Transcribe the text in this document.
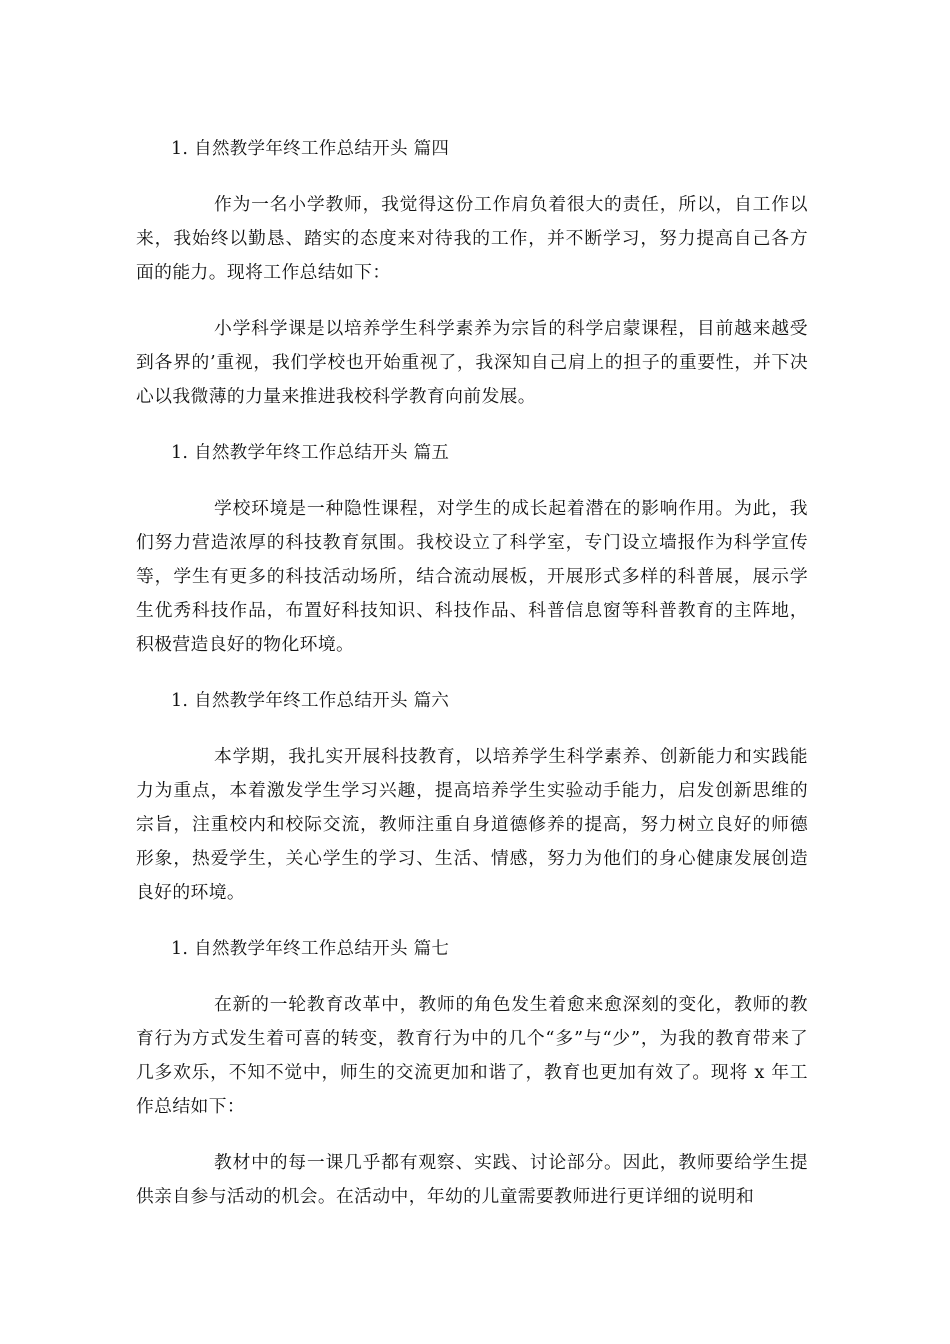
1. 自然教学年终工作总结开头 篇四
作为一名小学教师，我觉得这份工作肩负着很大的责任，所以，自工作以来，我始终以勤恳、踏实的态度来对待我的工作，并不断学习，努力提高自己各方面的能力。现将工作总结如下：
小学科学课是以培养学生科学素养为宗旨的科学启蒙课程，目前越来越受到各界的’重视，我们学校也开始重视了，我深知自己肩上的担子的重要性，并下决心以我微薄的力量来推进我校科学教育向前发展。
1. 自然教学年终工作总结开头 篇五
学校环境是一种隐性课程，对学生的成长起着潜在的影响作用。为此，我们努力营造浓厚的科技教育氛围。我校设立了科学室，专门设立墙报作为科学宣传等，学生有更多的科技活动场所，结合流动展板，开展形式多样的科普展，展示学生优秀科技作品，布置好科技知识、科技作品、科普信息窗等科普教育的主阵地，积极营造良好的物化环境。
1. 自然教学年终工作总结开头 篇六
本学期，我扎实开展科技教育，以培养学生科学素养、创新能力和实践能力为重点，本着激发学生学习兴趣，提高培养学生实验动手能力，启发创新思维的宗旨，注重校内和校际交流，教师注重自身道德修养的提高，努力树立良好的师德形象，热爱学生，关心学生的学习、生活、情感，努力为他们的身心健康发展创造良好的环境。
1. 自然教学年终工作总结开头 篇七
在新的一轮教育改革中，教师的角色发生着愈来愈深刻的变化，教师的教育行为方式发生着可喜的转变，教育行为中的几个“多”与“少”，为我的教育带来了几多欢乐，不知不觉中，师生的交流更加和谐了，教育也更加有效了。现将 x 年工作总结如下：
教材中的每一课几乎都有观察、实践、讨论部分。因此，教师要给学生提供亲自参与活动的机会。在活动中，年幼的儿童需要教师进行更详细的说明和
